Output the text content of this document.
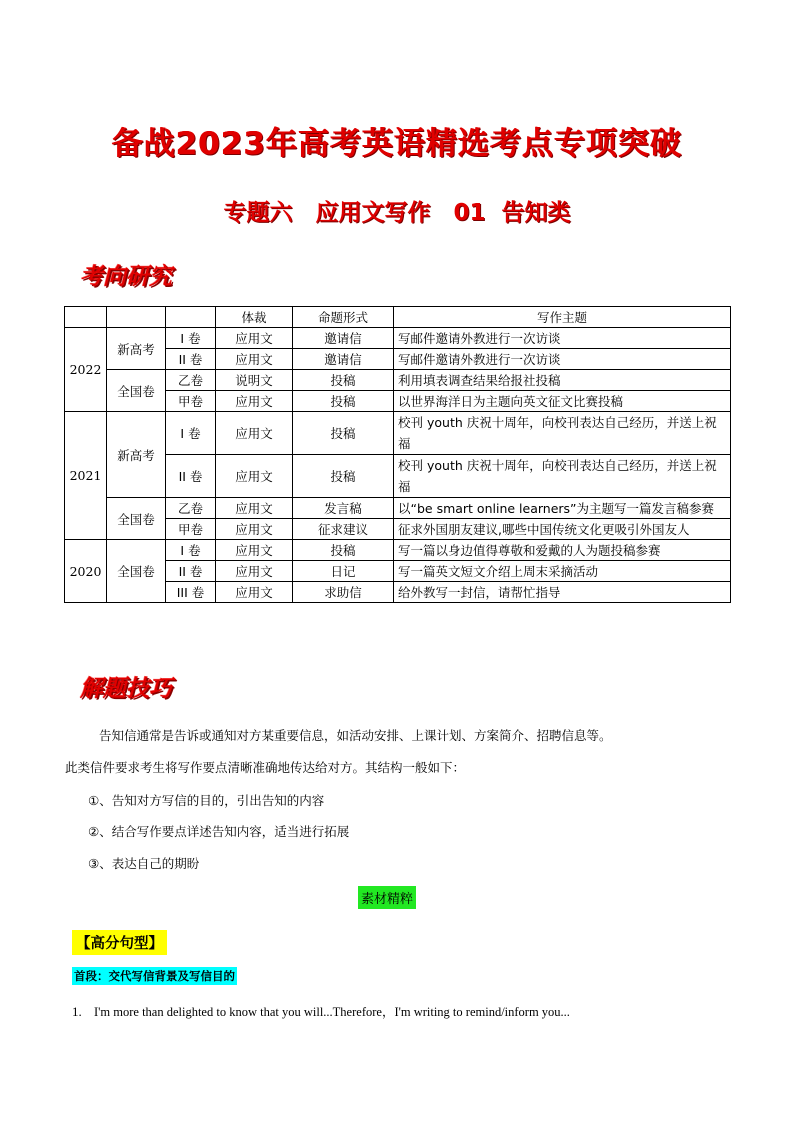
备战2023年高考英语精选考点专项突破
专题六　应用文写作　01 告知类
考向研究
			体裁	命题形式	写作主题
2022	新高考	I 卷	应用文	邀请信	写邮件邀请外教进行一次访谈
		II 卷	应用文	邀请信	写邮件邀请外教进行一次访谈
	全国卷	乙卷	说明文	投稿	利用填表调查结果给报社投稿
		甲卷	应用文	投稿	以世界海洋日为主题向英文征文比赛投稿
2021	新高考	I 卷	应用文	投稿	校刊 youth 庆祝十周年，向校刊表达自己经历，并送上祝福
		II 卷	应用文	投稿	校刊 youth 庆祝十周年，向校刊表达自己经历，并送上祝福
	全国卷	乙卷	应用文	发言稿	以“be smart online learners”为主题写一篇发言稿参赛
		甲卷	应用文	征求建议	征求外国朋友建议,哪些中国传统文化更吸引外国友人
2020	全国卷	I 卷	应用文	投稿	写一篇以身边值得尊敬和爱戴的人为题投稿参赛
		II 卷	应用文	日记	写一篇英文短文介绍上周末采摘活动
		III 卷	应用文	求助信	给外教写一封信，请帮忙指导
解题技巧
告知信通常是告诉或通知对方某重要信息，如活动安排、上课计划、方案简介、招聘信息等。
此类信件要求考生将写作要点清晰准确地传达给对方。其结构一般如下：
①、告知对方写信的目的，引出告知的内容
②、结合写作要点详述告知内容，适当进行拓展
③、表达自己的期盼
素材精粹
【高分句型】
首段：交代写信背景及写信目的
1. I'm more than delighted to know that you will...Therefore，I'm writing to remind/inform you...
